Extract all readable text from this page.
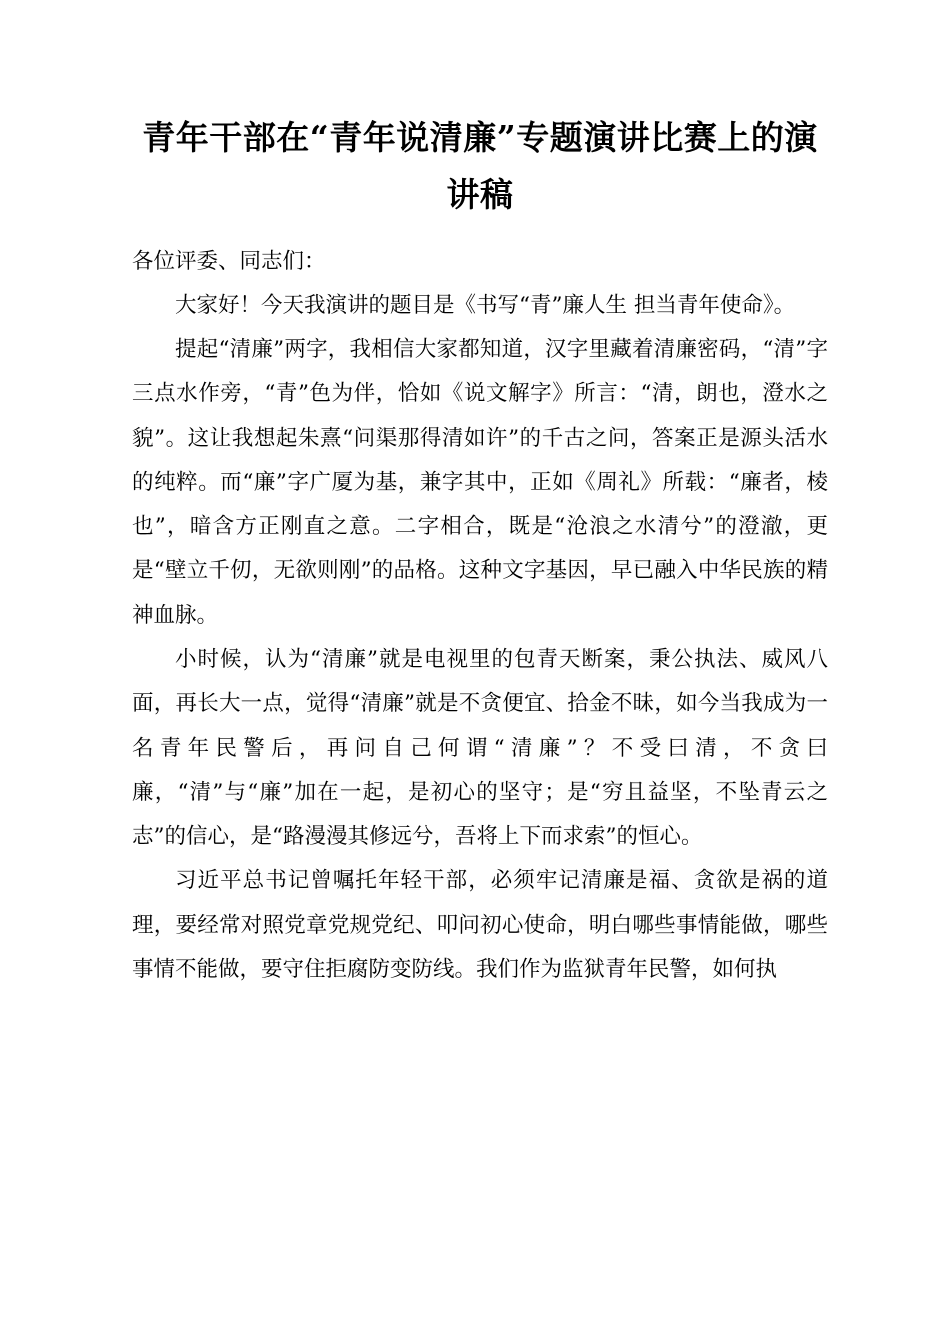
青年干部在“青年说清廉”专题演讲比赛上的演讲稿

各位评委、同志们：

大家好！今天我演讲的题目是《书写“青”廉人生 担当青年使命》。

提起“清廉”两字，我相信大家都知道，汉字里藏着清廉密码，“清”字三点水作旁，“青”色为伴，恰如《说文解字》所言：“清，朗也，澄水之貌”。这让我想起朱熹“问渠那得清如许”的千古之问，答案正是源头活水的纯粹。而“廉”字广厦为基，兼字其中，正如《周礼》所载：“廉者，棱也”，暗含方正刚直之意。二字相合，既是“沧浪之水清兮”的澄澈，更是“壁立千仞，无欲则刚”的品格。这种文字基因，早已融入中华民族的精神血脉。

小时候，认为“清廉”就是电视里的包青天断案，秉公执法、威风八面，再长大一点，觉得“清廉”就是不贪便宜、拾金不昧，如今当我成为一名青年民警后，再问自己何谓“清廉”？不受曰清，不贪曰廉，“清”与“廉”加在一起，是初心的坚守；是“穷且益坚，不坠青云之志”的信心，是“路漫漫其修远兮，吾将上下而求索”的恒心。

习近平总书记曾嘱托年轻干部，必须牢记清廉是福、贪欲是祸的道理，要经常对照党章党规党纪、叩问初心使命，明白哪些事情能做，哪些事情不能做，要守住拒腐防变防线。我们作为监狱青年民警，如何执
